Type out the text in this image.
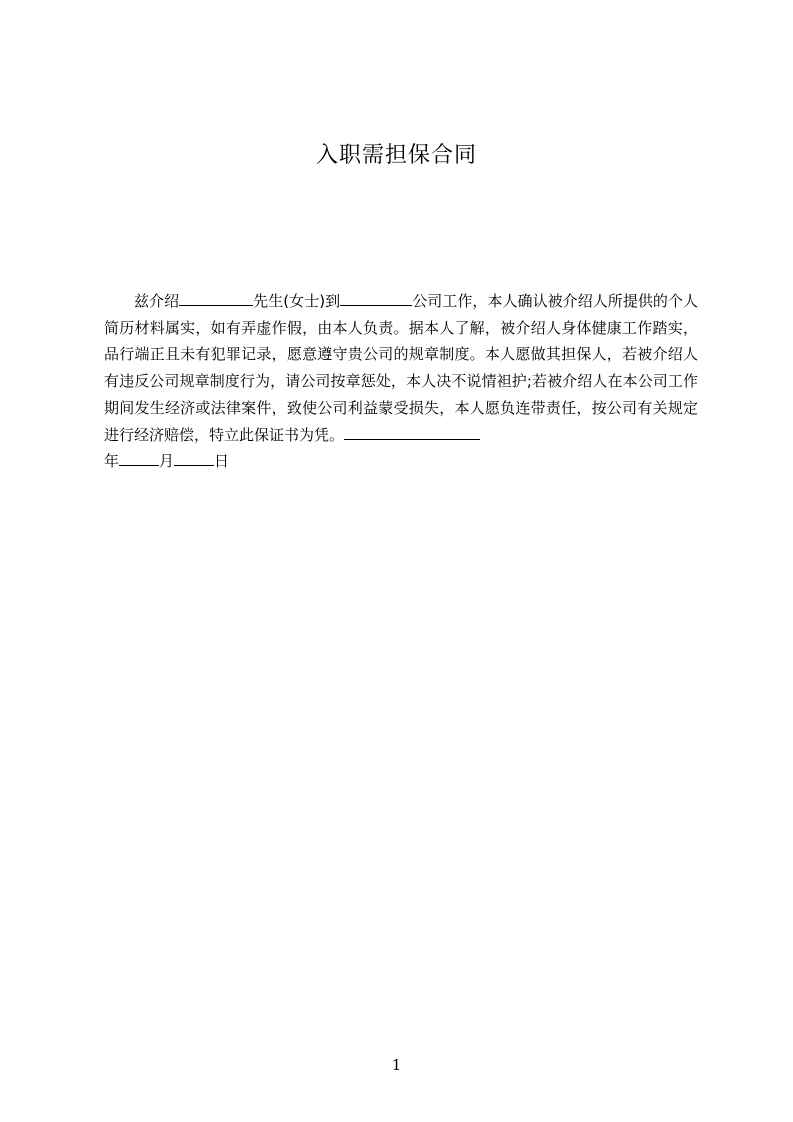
入职需担保合同

兹介绍	先生(女士)到	公司工作，本人确认被介绍人所提供的个人简历材料属实，如有弄虚作假，由本人负责。据本人了解，被介绍人身体健康工作踏实，品行端正且未有犯罪记录，愿意遵守贵公司的规章制度。本人愿做其担保人，若被介绍人有违反公司规章制度行为，请公司按章惩处，本人决不说情袒护;若被介绍人在本公司工作期间发生经济或法律案件，致使公司利益蒙受损失，本人愿负连带责任，按公司有关规定进行经济赔偿，特立此保证书为凭。
年	月	日

1
